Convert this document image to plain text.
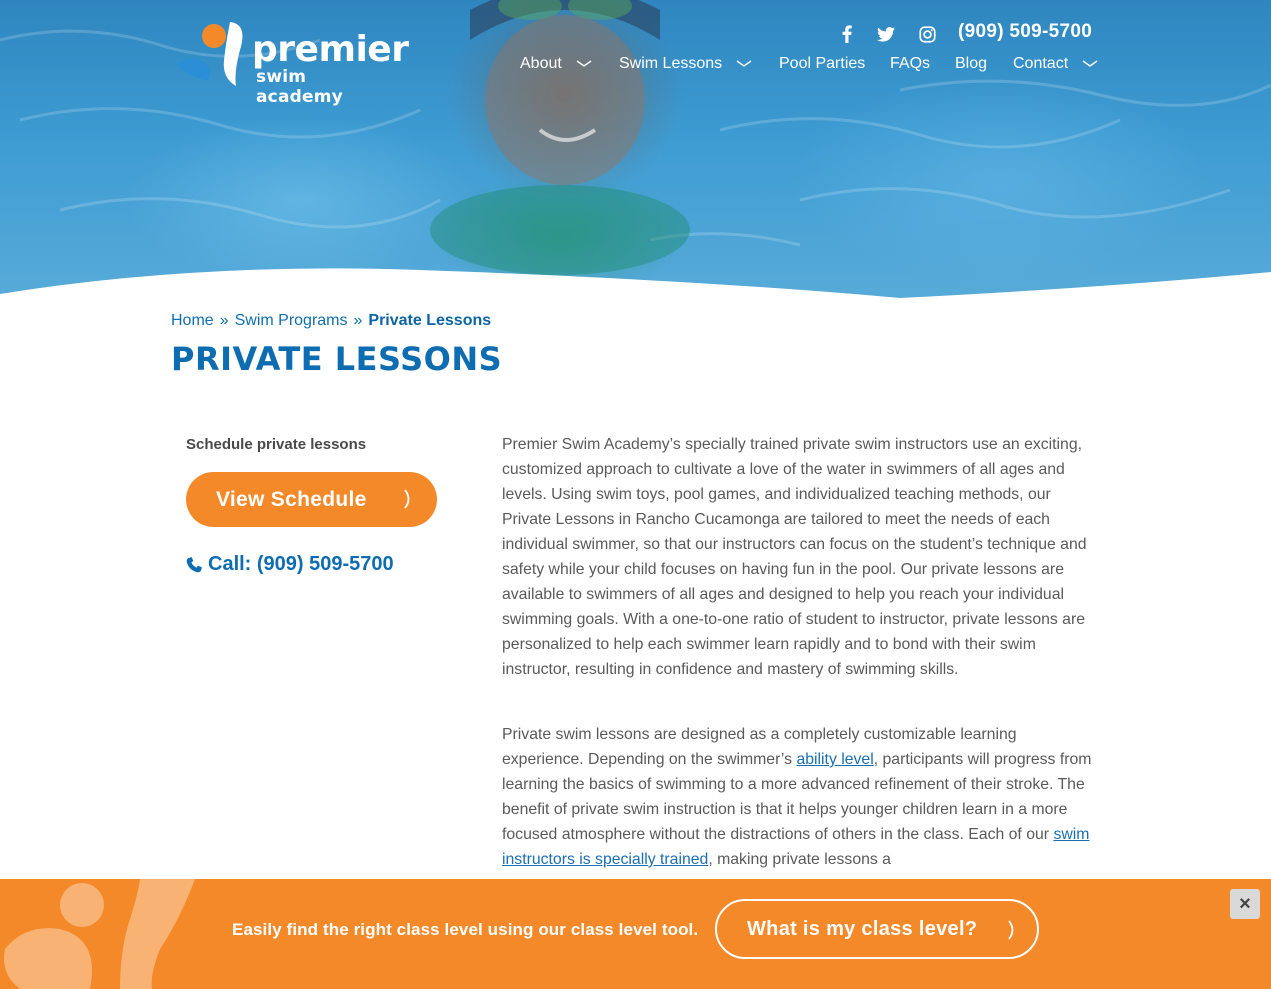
premier
swim academy
(909) 509-5700
About	Swim Lessons	Pool Parties FAQs Blog Contact
Home » Swim Programs » Private Lessons
PRIVATE LESSONS
Schedule private lessons
View Schedule
Call: (909) 509-5700

Premier Swim Academy’s specially trained private swim instructors use an exciting, customized approach to cultivate a love of the water in swimmers of all ages and levels. Using swim toys, pool games, and individualized teaching methods, our Private Lessons in Rancho Cucamonga are tailored to meet the needs of each individual swimmer, so that our instructors can focus on the student’s technique and safety while your child focuses on having fun in the pool. Our private lessons are available to swimmers of all ages and designed to help you reach your individual swimming goals. With a one-to-one ratio of student to instructor, private lessons are personalized to help each swimmer learn rapidly and to bond with their swim instructor, resulting in confidence and mastery of swimming skills.

Private swim lessons are designed as a completely customizable learning experience. Depending on the swimmer’s ability level, participants will progress from learning the basics of swimming to a more advanced refinement of their stroke. The benefit of private swim instruction is that it helps younger children learn in a more focused atmosphere without the distractions of others in the class. Each of our swim instructors is specially trained, making private lessons a

Easily find the right class level using our class level tool. What is my class level?
×
